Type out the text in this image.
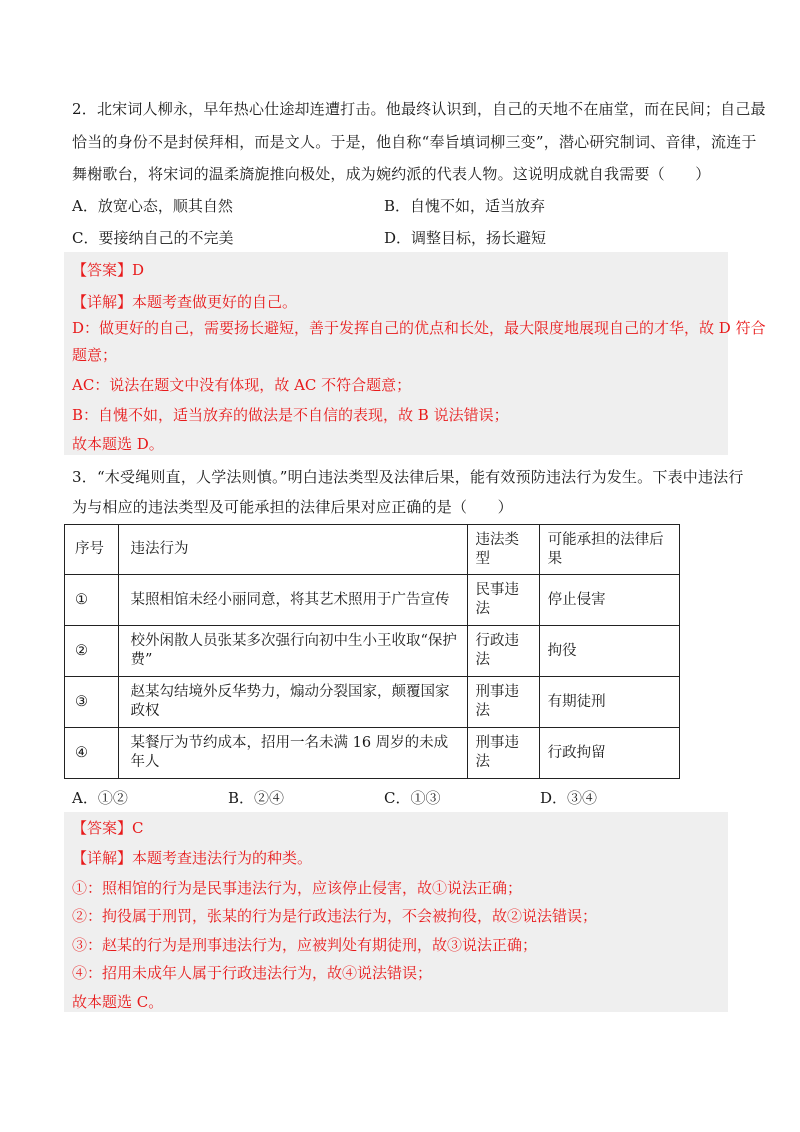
2．北宋词人柳永，早年热心仕途却连遭打击。他最终认识到，自己的天地不在庙堂，而在民间；自己最
恰当的身份不是封侯拜相，而是文人。于是，他自称“奉旨填词柳三变”，潜心研究制词、音律，流连于
舞榭歌台，将宋词的温柔旖旎推向极处，成为婉约派的代表人物。这说明成就自我需要（　　）
A．放宽心态，顺其自然	B．自愧不如，适当放弃
C．要接纳自己的不完美	D．调整目标，扬长避短
【答案】D
【详解】本题考查做更好的自己。
D：做更好的自己，需要扬长避短，善于发挥自己的优点和长处，最大限度地展现自己的才华，故 D 符合
题意；
AC：说法在题文中没有体现，故 AC 不符合题意；
B：自愧不如，适当放弃的做法是不自信的表现，故 B 说法错误；
故本题选 D。
3．“木受绳则直，人学法则慎。”明白违法类型及法律后果，能有效预防违法行为发生。下表中违法行
为与相应的违法类型及可能承担的法律后果对应正确的是（　　）
序号	违法行为	违法类型	可能承担的法律后果
①	某照相馆未经小丽同意，将其艺术照用于广告宣传	民事违法	停止侵害
②	校外闲散人员张某多次强行向初中生小王收取“保护费”	行政违法	拘役
③	赵某勾结境外反华势力，煽动分裂国家，颠覆国家政权	刑事违法	有期徒刑
④	某餐厅为节约成本，招用一名未满 16 周岁的未成年人	刑事违法	行政拘留
A．①②	B．②④	C．①③	D．③④
【答案】C
【详解】本题考查违法行为的种类。
①：照相馆的行为是民事违法行为，应该停止侵害，故①说法正确；
②：拘役属于刑罚，张某的行为是行政违法行为，不会被拘役，故②说法错误；
③：赵某的行为是刑事违法行为，应被判处有期徒刑，故③说法正确；
④：招用未成年人属于行政违法行为，故④说法错误；
故本题选 C。
